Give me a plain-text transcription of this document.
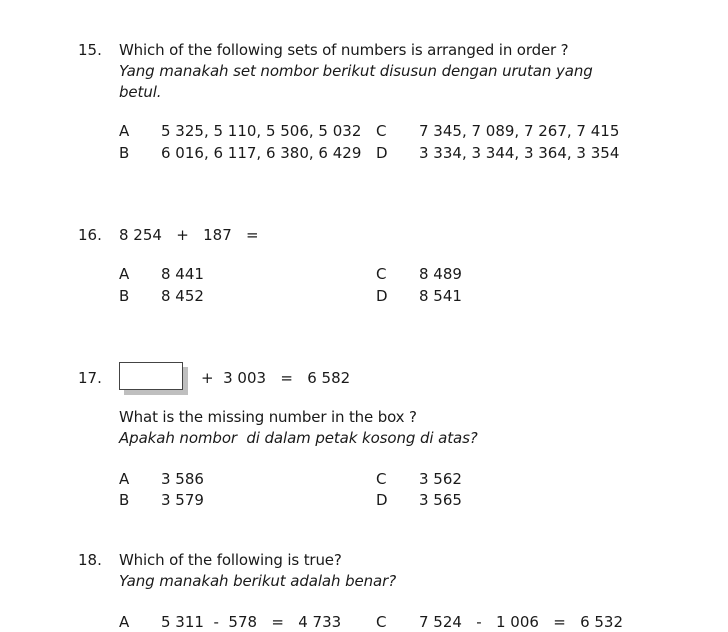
15. Which of the following sets of numbers is arranged in order ?
Yang manakah set nombor berikut disusun dengan urutan yang
betul.
A 5 325, 5 110, 5 506, 5 032
B 6 016, 6 117, 6 380, 6 429
C 7 345, 7 089, 7 267, 7 415
D 3 334, 3 344, 3 364, 3 354
16. 8 254   +   187   =
A 8 441
B 8 452
C 8 489
D 8 541
17.	+  3 003   =   6 582
What is the missing number in the box ?
Apakah nombor  di dalam petak kosong di atas?
A 3 586
B 3 579
C 3 562
D 3 565
18. Which of the following is true?
Yang manakah berikut adalah benar?
A 5 311  -  578   =   4 733 C 7 524   -   1 006   =   6 532
